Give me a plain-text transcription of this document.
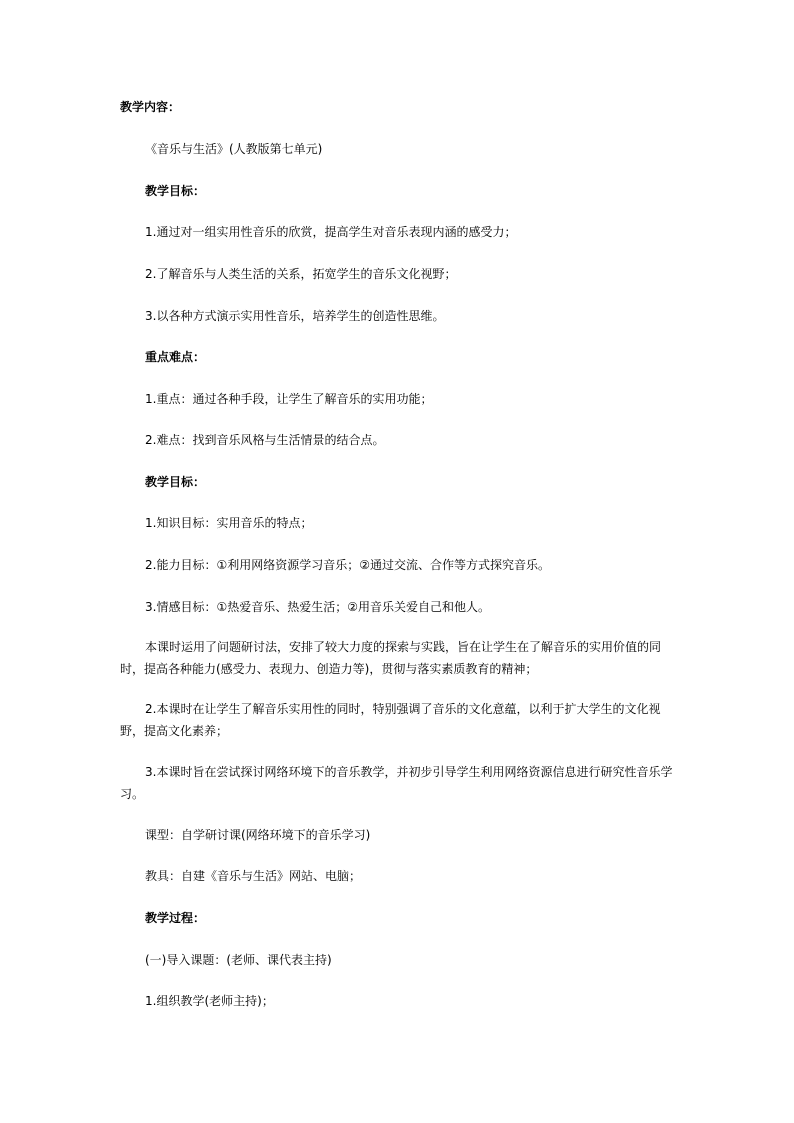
教学内容：
《音乐与生活》(人教版第七单元)
教学目标：
1.通过对一组实用性音乐的欣赏，提高学生对音乐表现内涵的感受力；
2.了解音乐与人类生活的关系，拓宽学生的音乐文化视野；
3.以各种方式演示实用性音乐，培养学生的创造性思维。
重点难点：
1.重点：通过各种手段，让学生了解音乐的实用功能；
2.难点：找到音乐风格与生活情景的结合点。
教学目标：
1.知识目标：实用音乐的特点；
2.能力目标：①利用网络资源学习音乐；②通过交流、合作等方式探究音乐。
3.情感目标：①热爱音乐、热爱生活；②用音乐关爱自己和他人。
本课时运用了问题研讨法，安排了较大力度的探索与实践，旨在让学生在了解音乐的实用价值的同时，提高各种能力(感受力、表现力、创造力等)，贯彻与落实素质教育的精神；
2.本课时在让学生了解音乐实用性的同时，特别强调了音乐的文化意蕴，以利于扩大学生的文化视野，提高文化素养；
3.本课时旨在尝试探讨网络环境下的音乐教学，并初步引导学生利用网络资源信息进行研究性音乐学习。
课型：自学研讨课(网络环境下的音乐学习)
教具：自建《音乐与生活》网站、电脑；
教学过程：
(一)导入课题：(老师、课代表主持)
1.组织教学(老师主持)；
